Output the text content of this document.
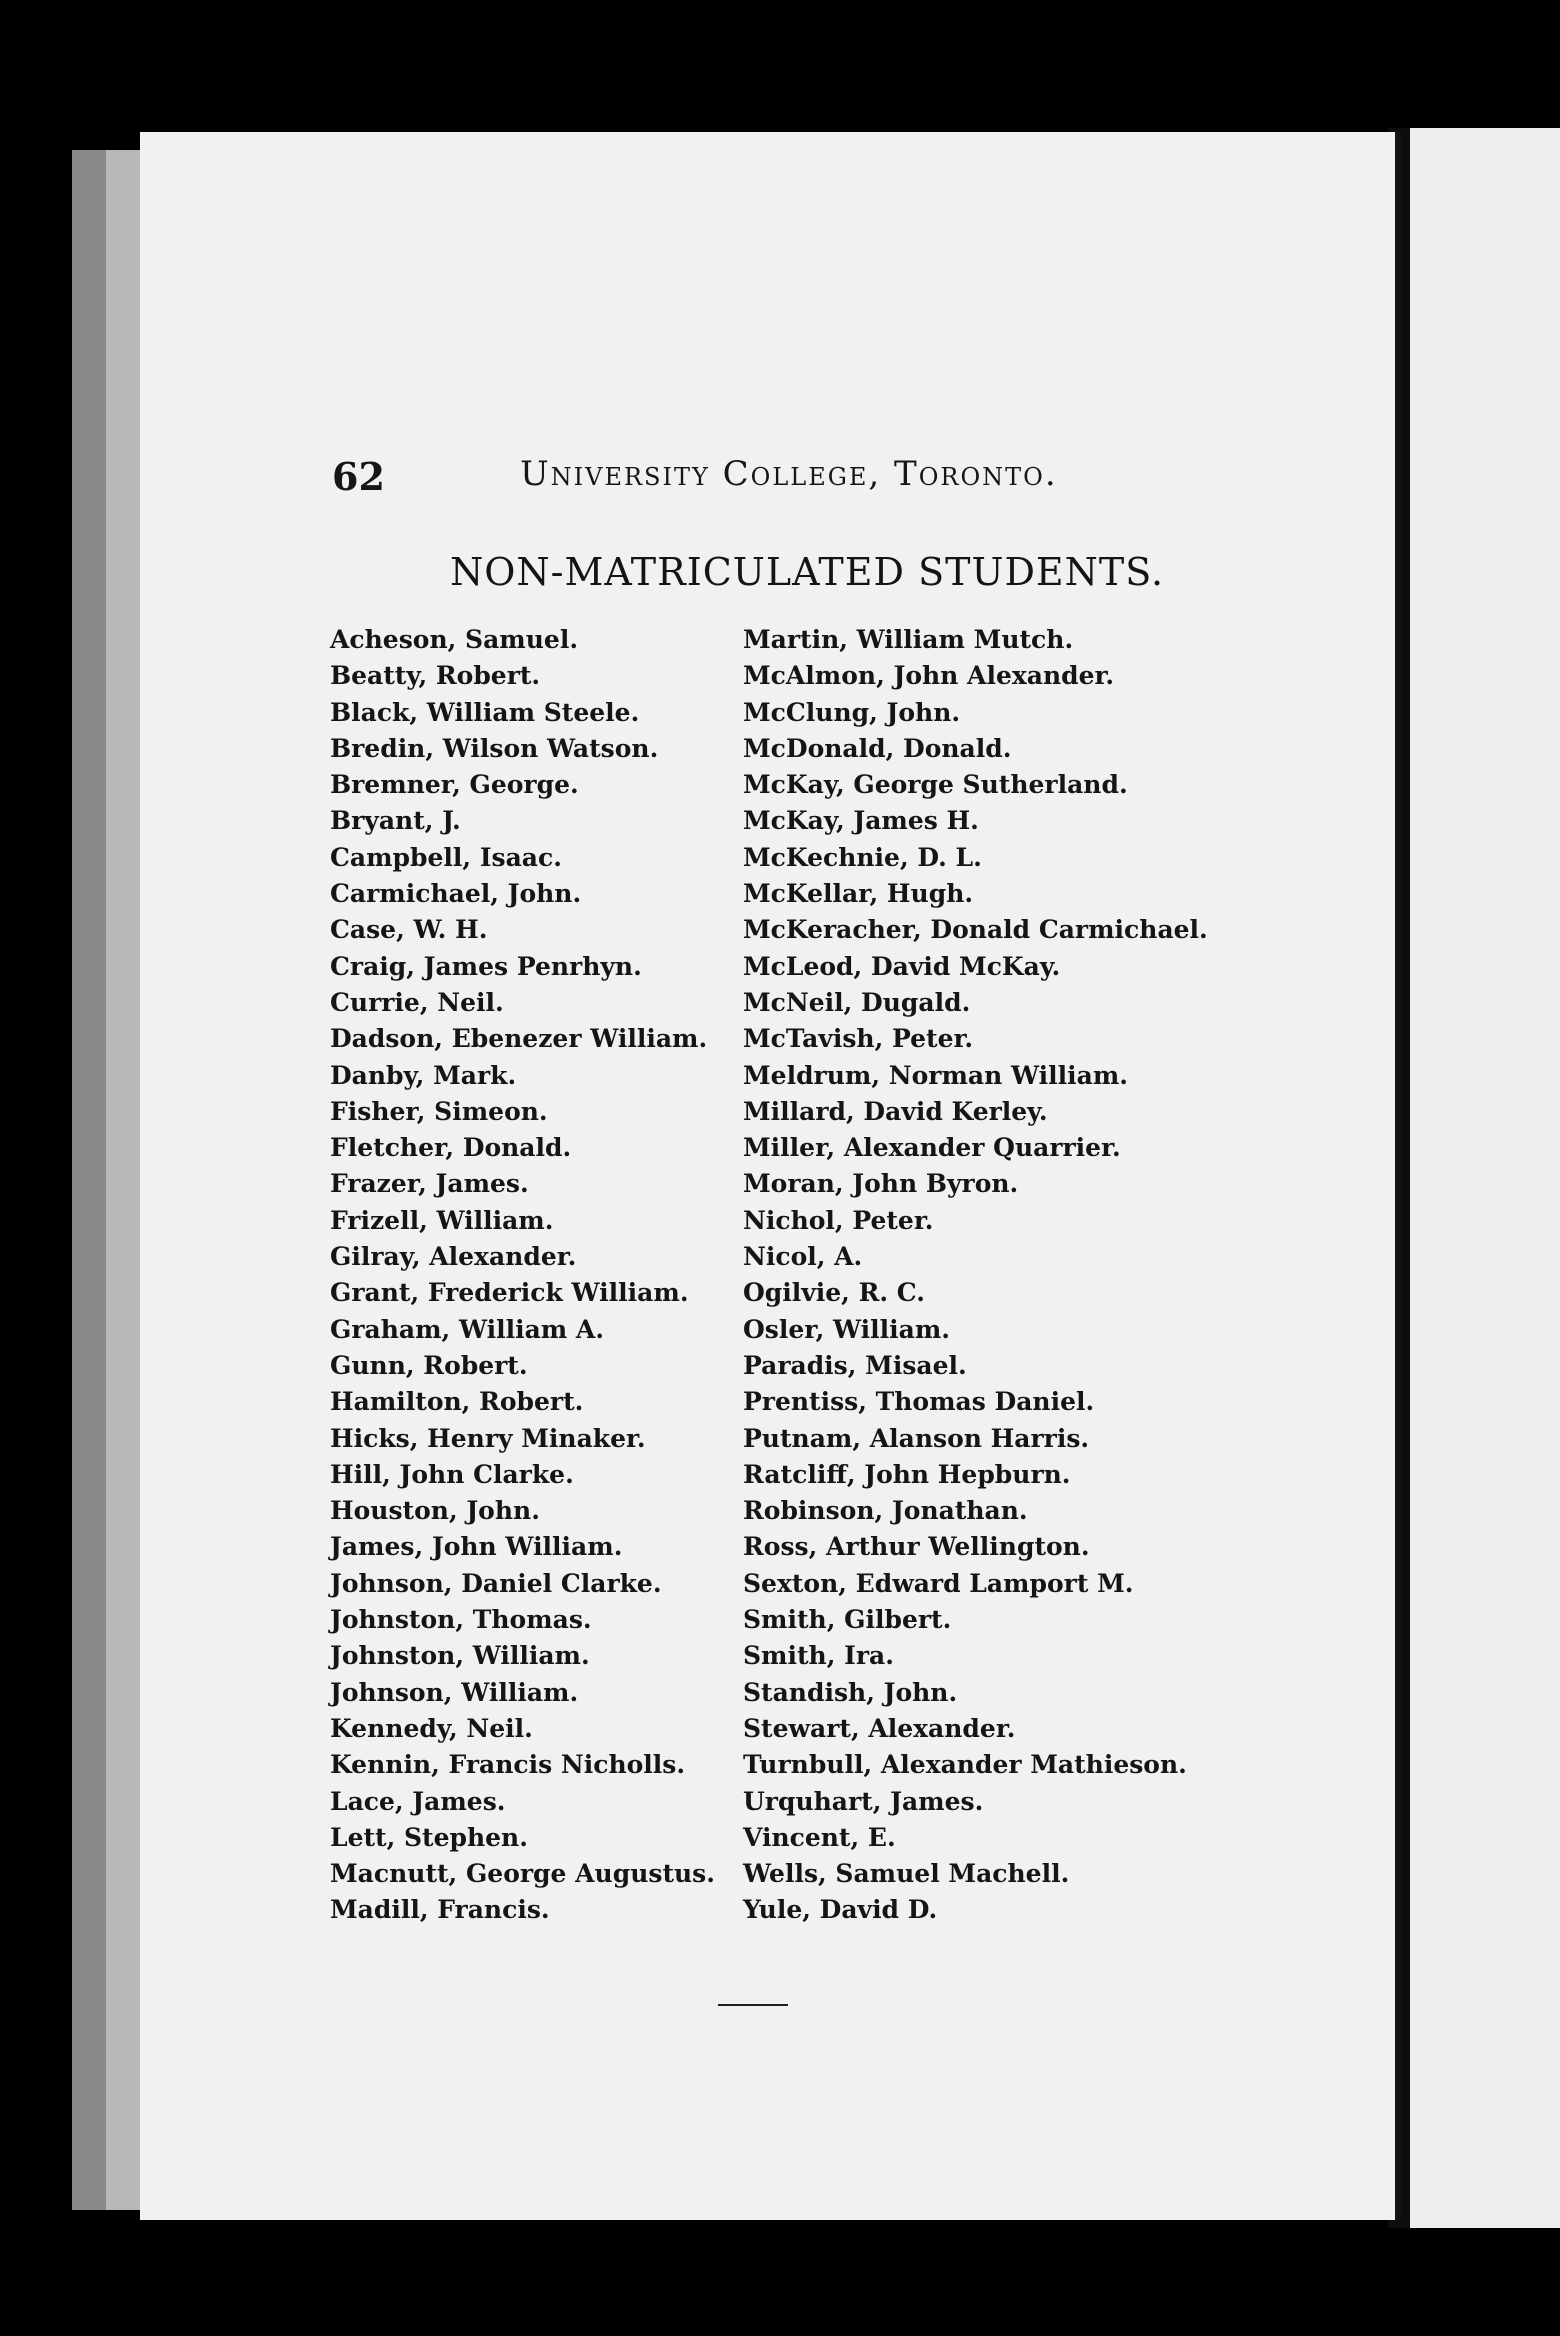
62	University College, Toronto.
NON-MATRICULATED STUDENTS.
Acheson, Samuel.
Beatty, Robert.
Black, William Steele.
Bredin, Wilson Watson.
Bremner, George.
Bryant, J.
Campbell, Isaac.
Carmichael, John.
Case, W. H.
Craig, James Penrhyn.
Currie, Neil.
Dadson, Ebenezer William.
Danby, Mark.
Fisher, Simeon.
Fletcher, Donald.
Frazer, James.
Frizell, William.
Gilray, Alexander.
Grant, Frederick William.
Graham, William A.
Gunn, Robert.
Hamilton, Robert.
Hicks, Henry Minaker.
Hill, John Clarke.
Houston, John.
James, John William.
Johnson, Daniel Clarke.
Johnston, Thomas.
Johnston, William.
Johnson, William.
Kennedy, Neil.
Kennin, Francis Nicholls.
Lace, James.
Lett, Stephen.
Macnutt, George Augustus.
Madill, Francis.
Martin, William Mutch.
McAlmon, John Alexander.
McClung, John.
McDonald, Donald.
McKay, George Sutherland.
McKay, James H.
McKechnie, D. L.
McKellar, Hugh.
McKeracher, Donald Carmichael.
McLeod, David McKay.
McNeil, Dugald.
McTavish, Peter.
Meldrum, Norman William.
Millard, David Kerley.
Miller, Alexander Quarrier.
Moran, John Byron.
Nichol, Peter.
Nicol, A.
Ogilvie, R. C.
Osler, William.
Paradis, Misael.
Prentiss, Thomas Daniel.
Putnam, Alanson Harris.
Ratcliff, John Hepburn.
Robinson, Jonathan.
Ross, Arthur Wellington.
Sexton, Edward Lamport M.
Smith, Gilbert.
Smith, Ira.
Standish, John.
Stewart, Alexander.
Turnbull, Alexander Mathieson.
Urquhart, James.
Vincent, E.
Wells, Samuel Machell.
Yule, David D.
